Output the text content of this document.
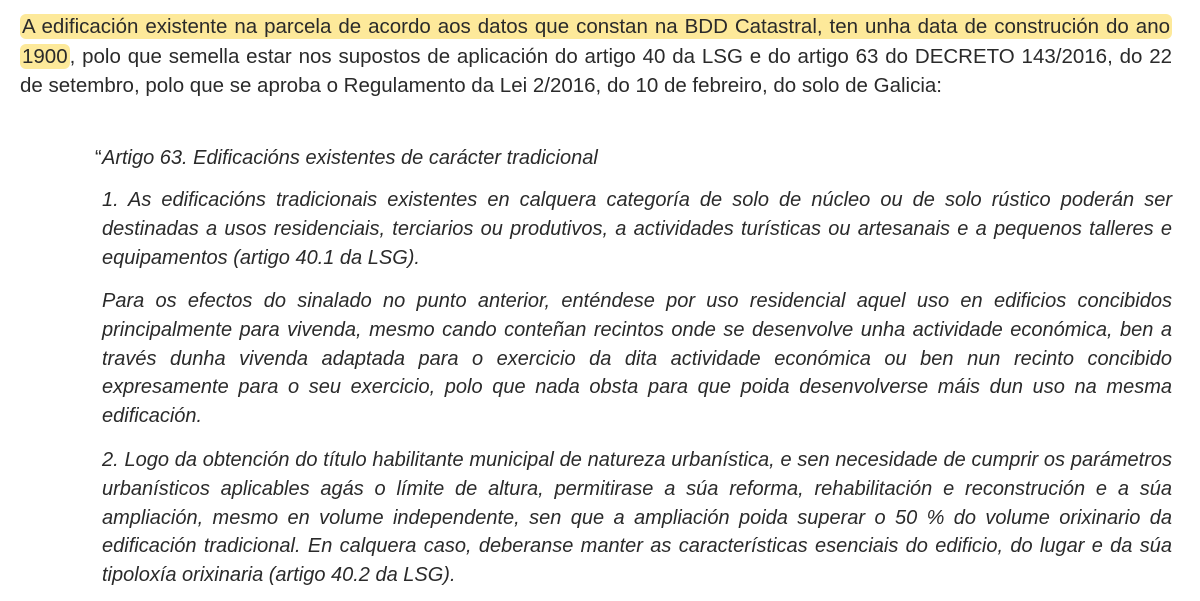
A edificación existente na parcela de acordo aos datos que constan na BDD Catastral, ten unha data de construción do ano 1900, polo que semella estar nos supostos de aplicación do artigo 40 da LSG e do artigo 63 do DECRETO 143/2016, do 22 de setembro, polo que se aproba o Regulamento da Lei 2/2016, do 10 de febreiro, do solo de Galicia:

“ Artigo 63. Edificacións existentes de carácter tradicional

1. As edificacións tradicionais existentes en calquera categoría de solo de núcleo ou de solo rústico poderán ser destinadas a usos residenciais, terciarios ou produtivos, a actividades turísticas ou artesanais e a pequenos talleres e equipamentos (artigo 40.1 da LSG).

Para os efectos do sinalado no punto anterior, enténdese por uso residencial aquel uso en edificios concibidos principalmente para vivenda, mesmo cando conteñan recintos onde se desenvolve unha actividade económica, ben a través dunha vivenda adaptada para o exercicio da dita actividade económica ou ben nun recinto concibido expresamente para o seu exercicio, polo que nada obsta para que poida desenvolverse máis dun uso na mesma edificación.

2. Logo da obtención do título habilitante municipal de natureza urbanística, e sen necesidade de cumprir os parámetros urbanísticos aplicables agás o límite de altura, permitirase a súa reforma, rehabilitación e reconstrución e a súa ampliación, mesmo en volume independente, sen que a ampliación poida superar o 50 % do volume orixinario da edificación tradicional. En calquera caso, deberanse manter as características esenciais do edificio, do lugar e da súa tipoloxía orixinaria (artigo 40.2 da LSG).
